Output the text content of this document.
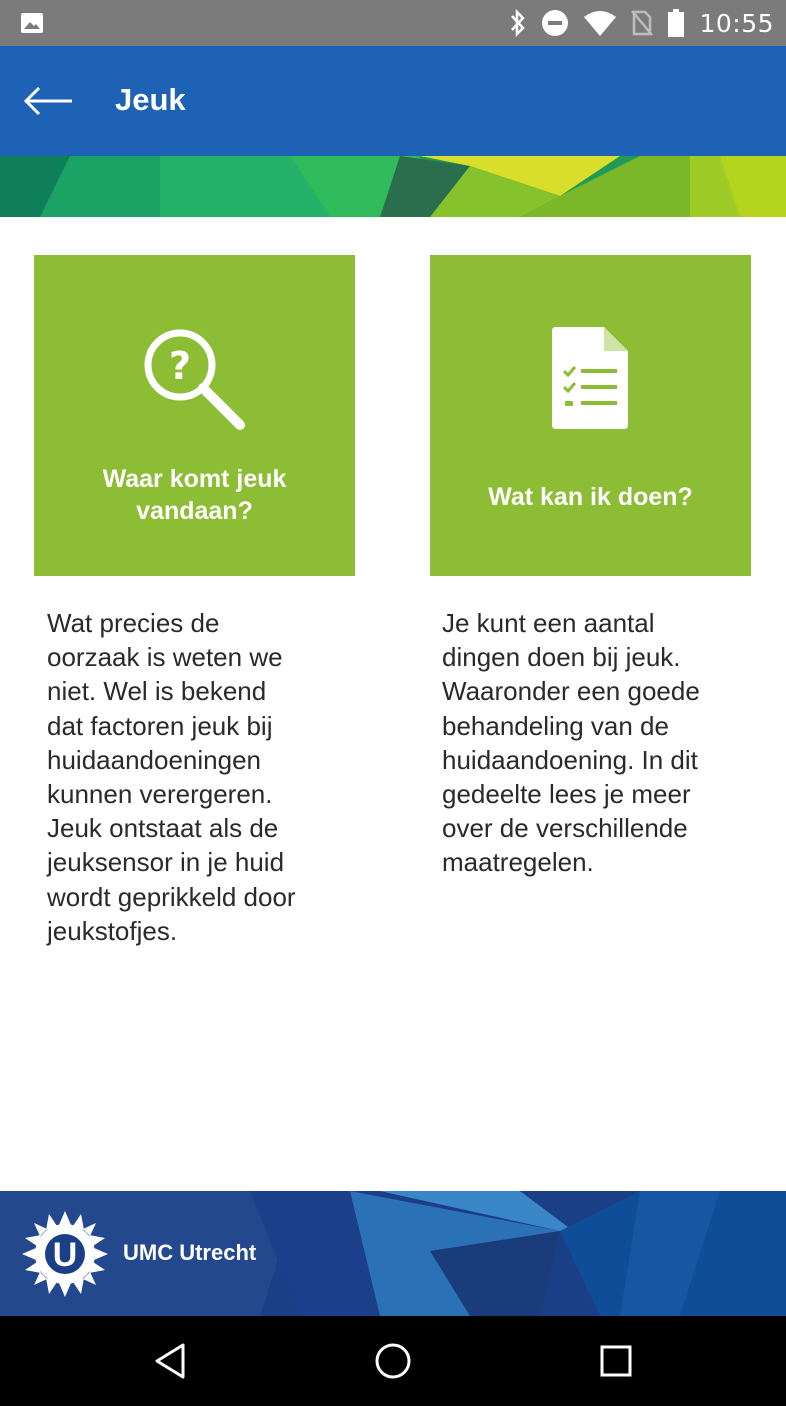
10:55
Jeuk
?
Waar komt jeuk vandaan?	Wat kan ik doen?
Wat precies de
oorzaak is weten we
niet. Wel is bekend
dat factoren jeuk bij
huidaandoeningen
kunnen verergeren.
Jeuk ontstaat als de
jeuksensor in je huid
wordt geprikkeld door
jeukstofjes.
Je kunt een aantal
dingen doen bij jeuk.
Waaronder een goede
behandeling van de
huidaandoening. In dit
gedeelte lees je meer
over de verschillende
maatregelen.
U UMC Utrecht
